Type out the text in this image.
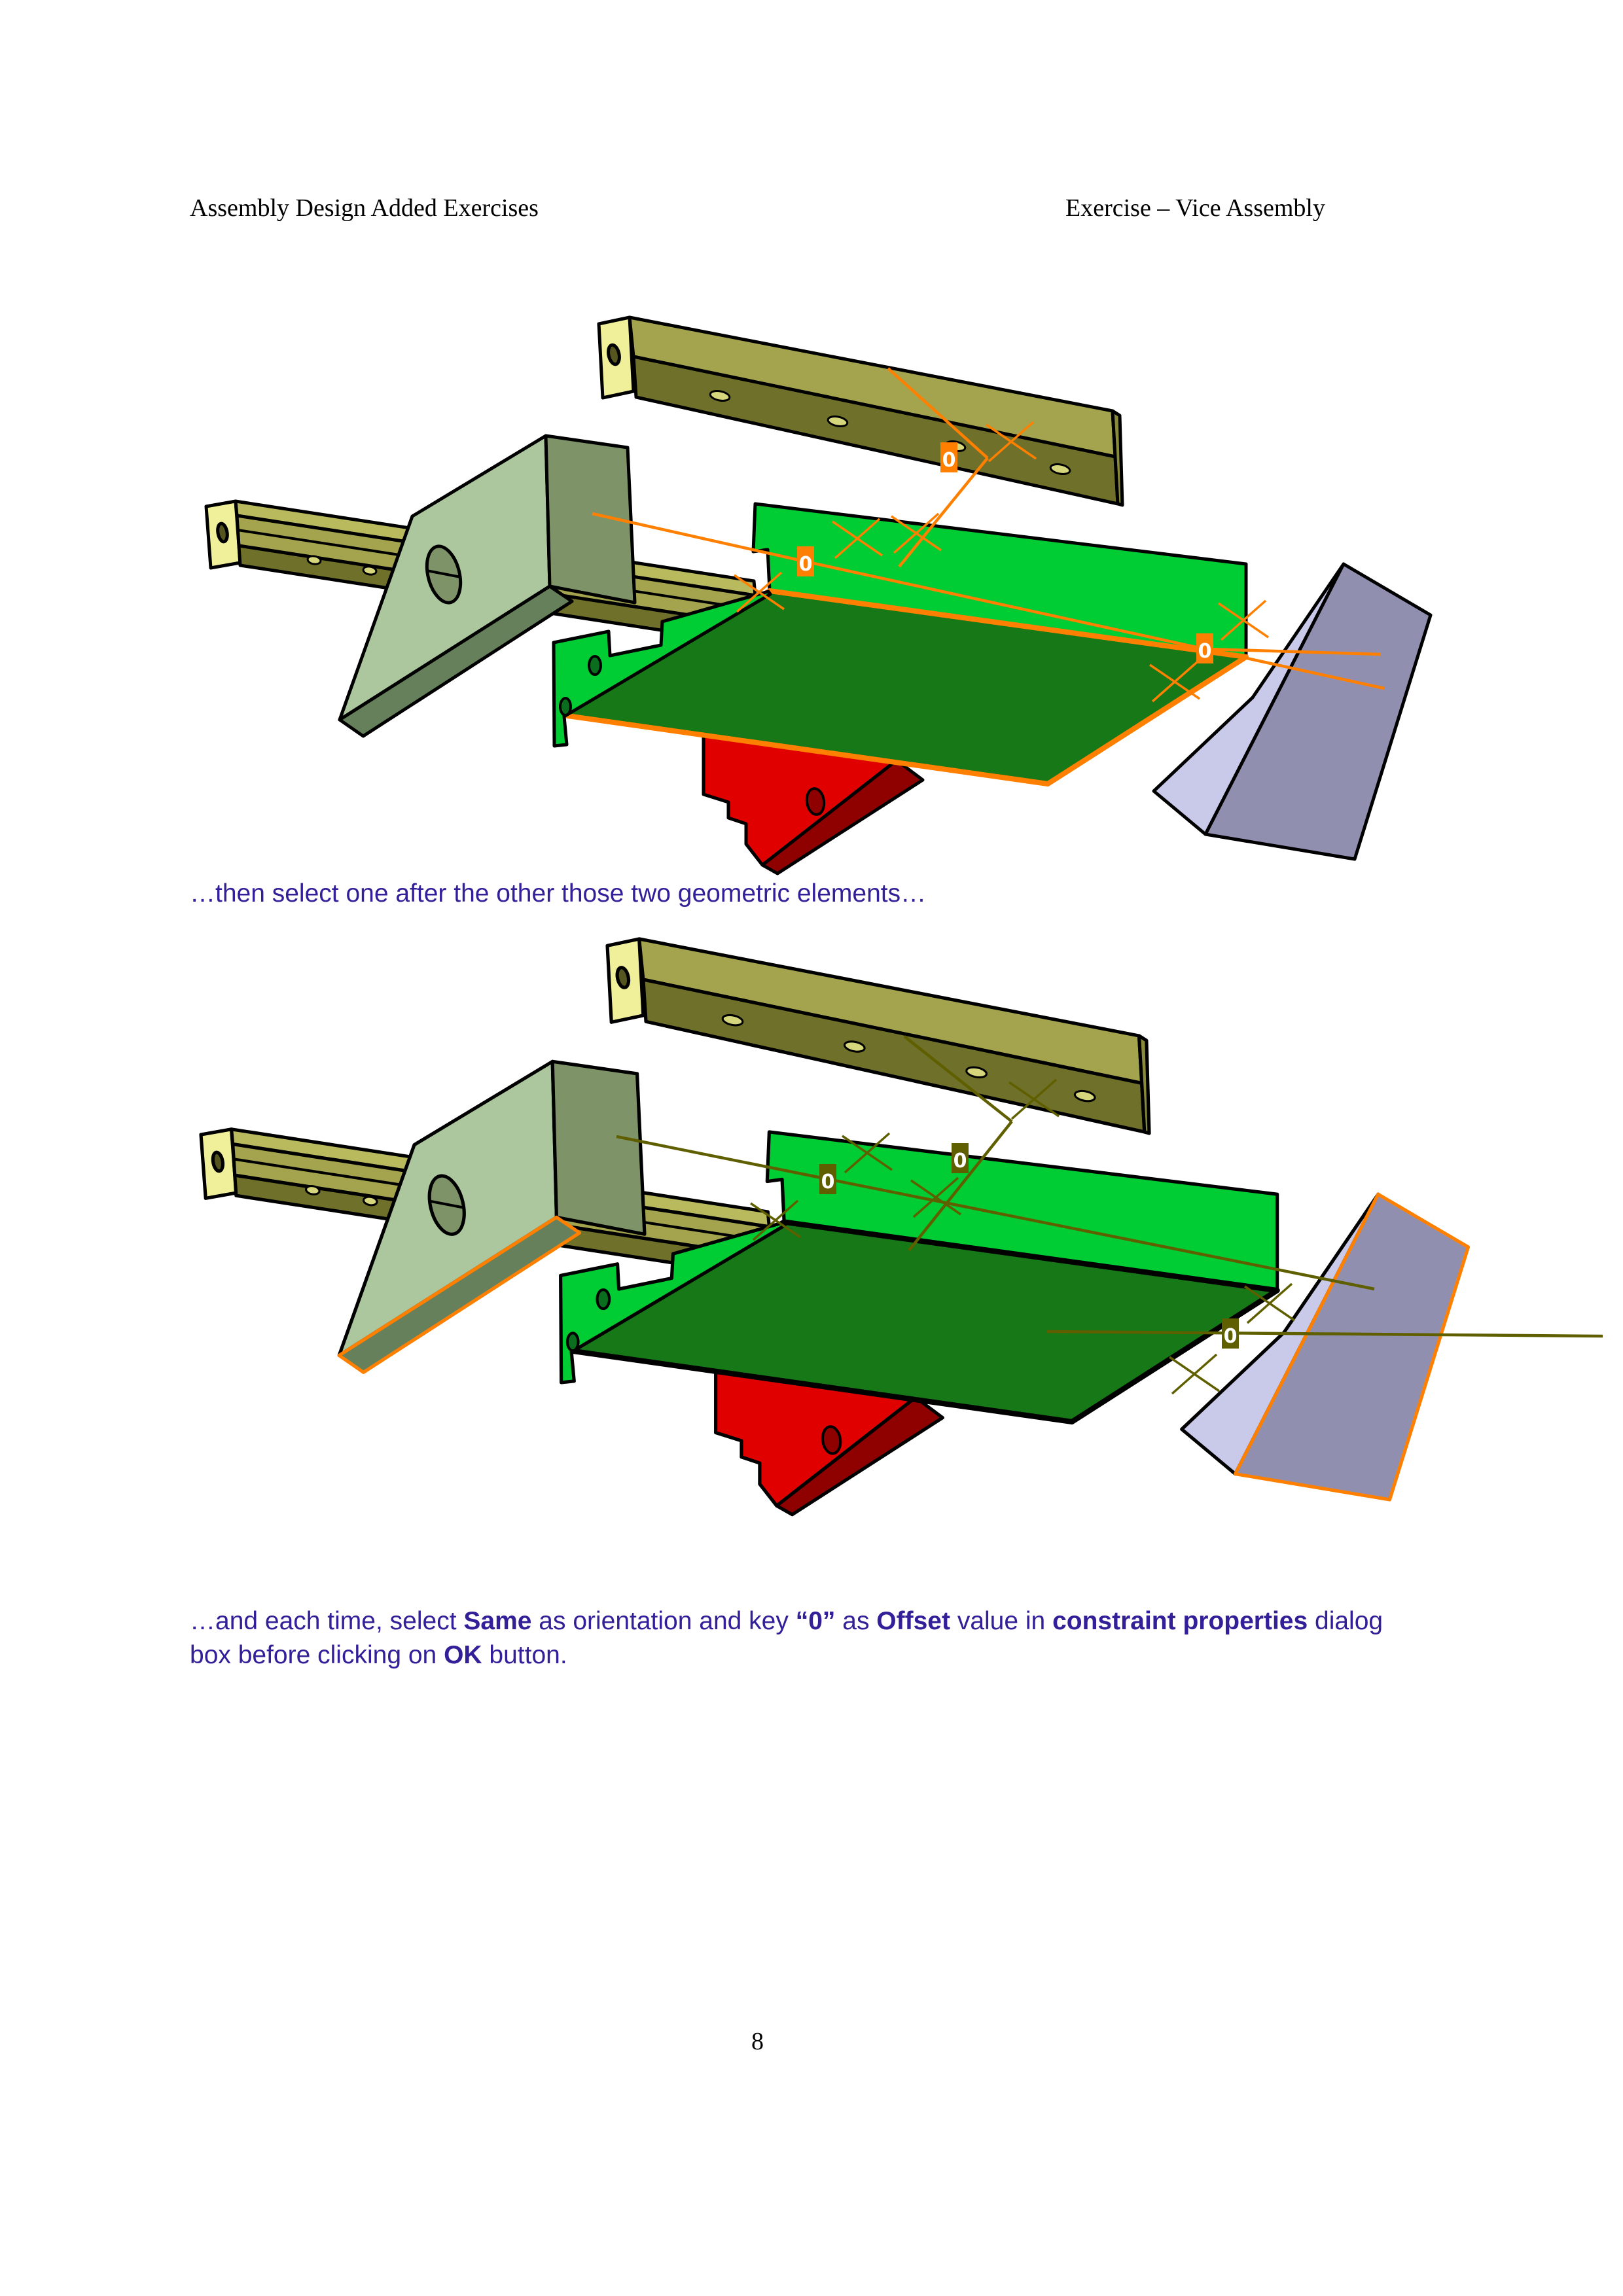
Assembly Design Added Exercises	Exercise – Vice Assembly
0
0
0
…then select one after the other those two geometric elements…
0
0
0
…and each time, select Same as orientation and key “0” as Offset value in constraint properties dialog
box before clicking on OK button.
8
